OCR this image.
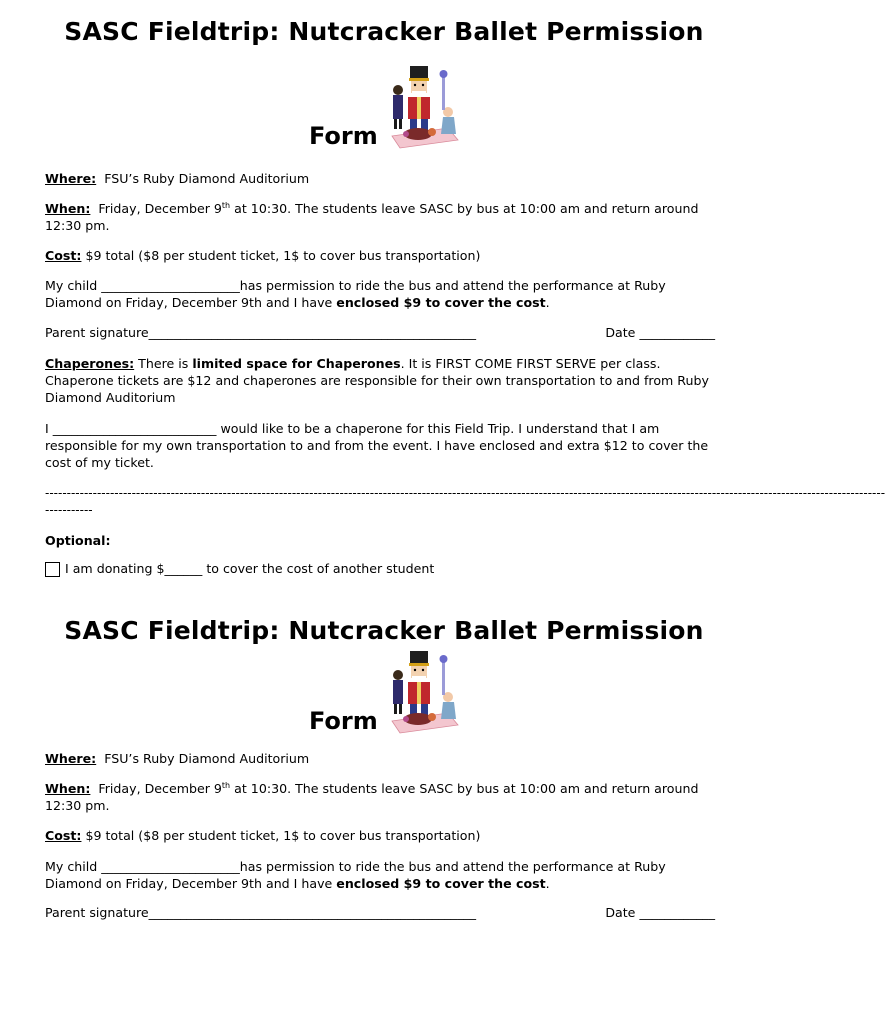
SASC Fieldtrip: Nutcracker Ballet Permission
Form

Where: FSU’s Ruby Diamond Auditorium

When: Friday, December 9th at 10:30. The students leave SASC by bus at 10:00 am and return around 12:30 pm.

Cost: $9 total ($8 per student ticket, 1$ to cover bus transportation)

My child ______________________has permission to ride the bus and attend the performance at Ruby Diamond on Friday, December 9th and I have enclosed $9 to cover the cost.

Parent signature____________________________________________________	Date ____________

Chaperones: There is limited space for Chaperones. It is FIRST COME FIRST SERVE per class. Chaperone tickets are $12 and chaperones are responsible for their own transportation to and from Ruby Diamond Auditorium

I __________________________ would like to be a chaperone for this Field Trip. I understand that I am responsible for my own transportation to and from the event. I have enclosed and extra $12 to cover the cost of my ticket.

--------------------------------------------------------------------------------------------------------------------------------------------------------------------------------------------------
-----------

Optional:

I am donating $______ to cover the cost of another student

SASC Fieldtrip: Nutcracker Ballet Permission
Form

Where: FSU’s Ruby Diamond Auditorium

When: Friday, December 9th at 10:30. The students leave SASC by bus at 10:00 am and return around 12:30 pm.

Cost: $9 total ($8 per student ticket, 1$ to cover bus transportation)

My child ______________________has permission to ride the bus and attend the performance at Ruby Diamond on Friday, December 9th and I have enclosed $9 to cover the cost.

Parent signature____________________________________________________	Date ____________
